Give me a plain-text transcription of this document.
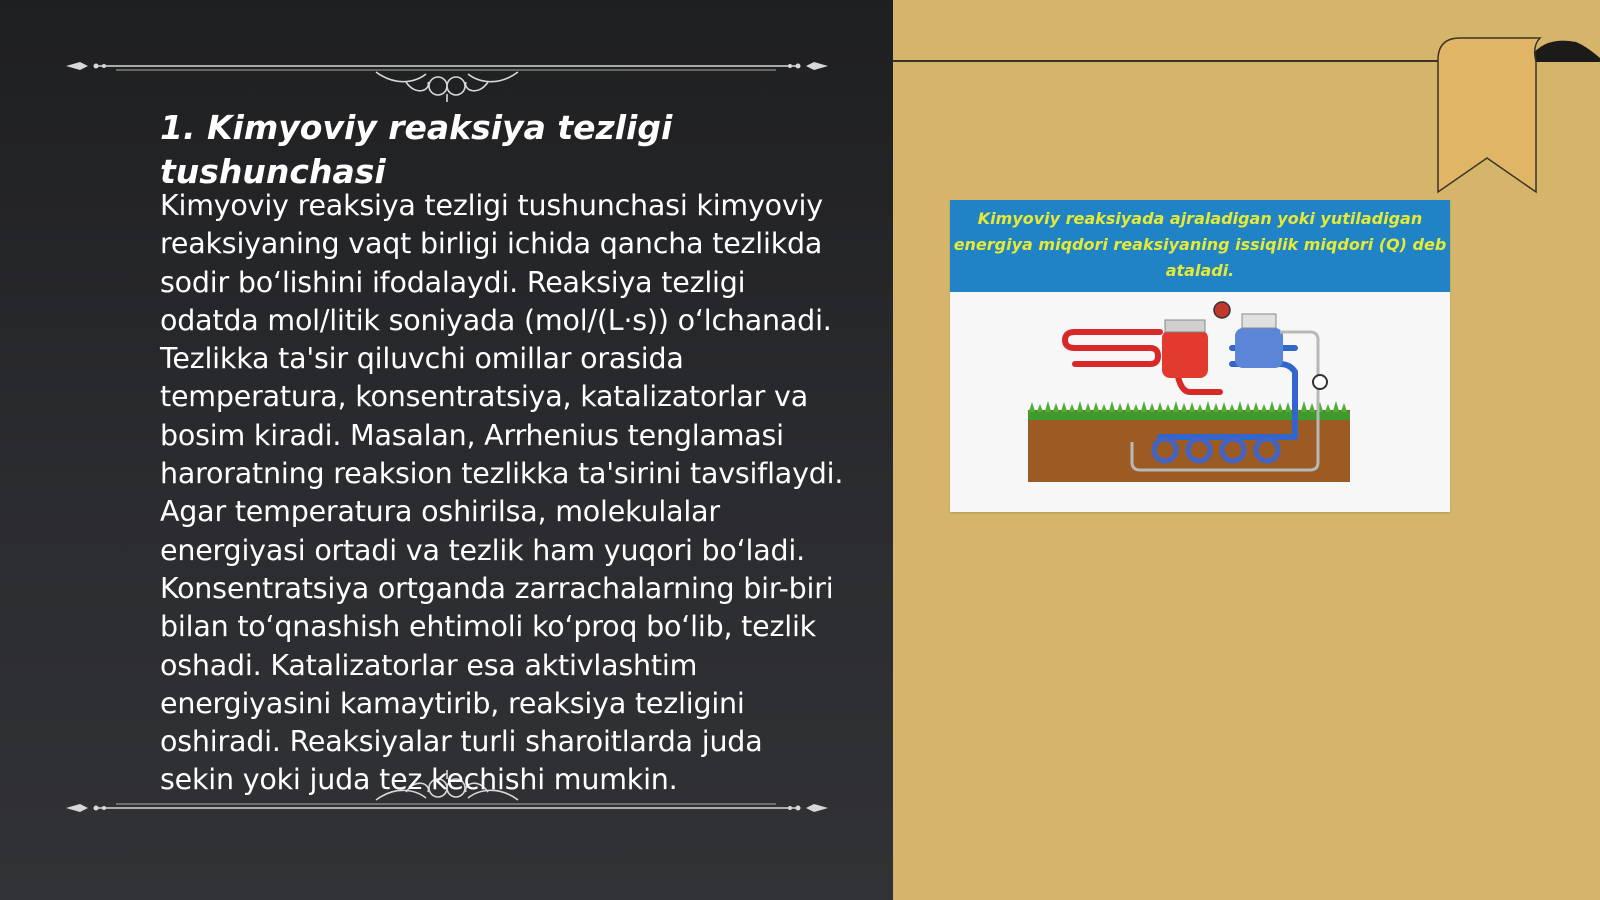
1. Kimyoviy reaksiya tezligi tushunchasi

Kimyoviy reaksiya tezligi tushunchasi kimyoviy reaksiyaning vaqt birligi ichida qancha tezlikda sodir bo‘lishini ifodalaydi. Reaksiya tezligi odatda mol/litik soniyada (mol/(L·s)) o‘lchanadi. Tezlikka ta'sir qiluvchi omillar orasida temperatura, konsentratsiya, katalizatorlar va bosim kiradi. Masalan, Arrhenius tenglamasi haroratning reaksion tezlikka ta'sirini tavsiflaydi. Agar temperatura oshirilsa, molekulalar energiyasi ortadi va tezlik ham yuqori bo‘ladi. Konsentratsiya ortganda zarrachalarning bir-biri bilan to‘qnashish ehtimoli ko‘proq bo‘lib, tezlik oshadi. Katalizatorlar esa aktivlashtim energiyasini kamaytirib, reaksiya tezligini oshiradi. Reaksiyalar turli sharoitlarda juda sekin yoki juda tez kechishi mumkin.

Kimyoviy reaksiyada ajraladigan yoki yutiladigan energiya miqdori reaksiyaning issiqlik miqdori (Q) deb ataladi.
